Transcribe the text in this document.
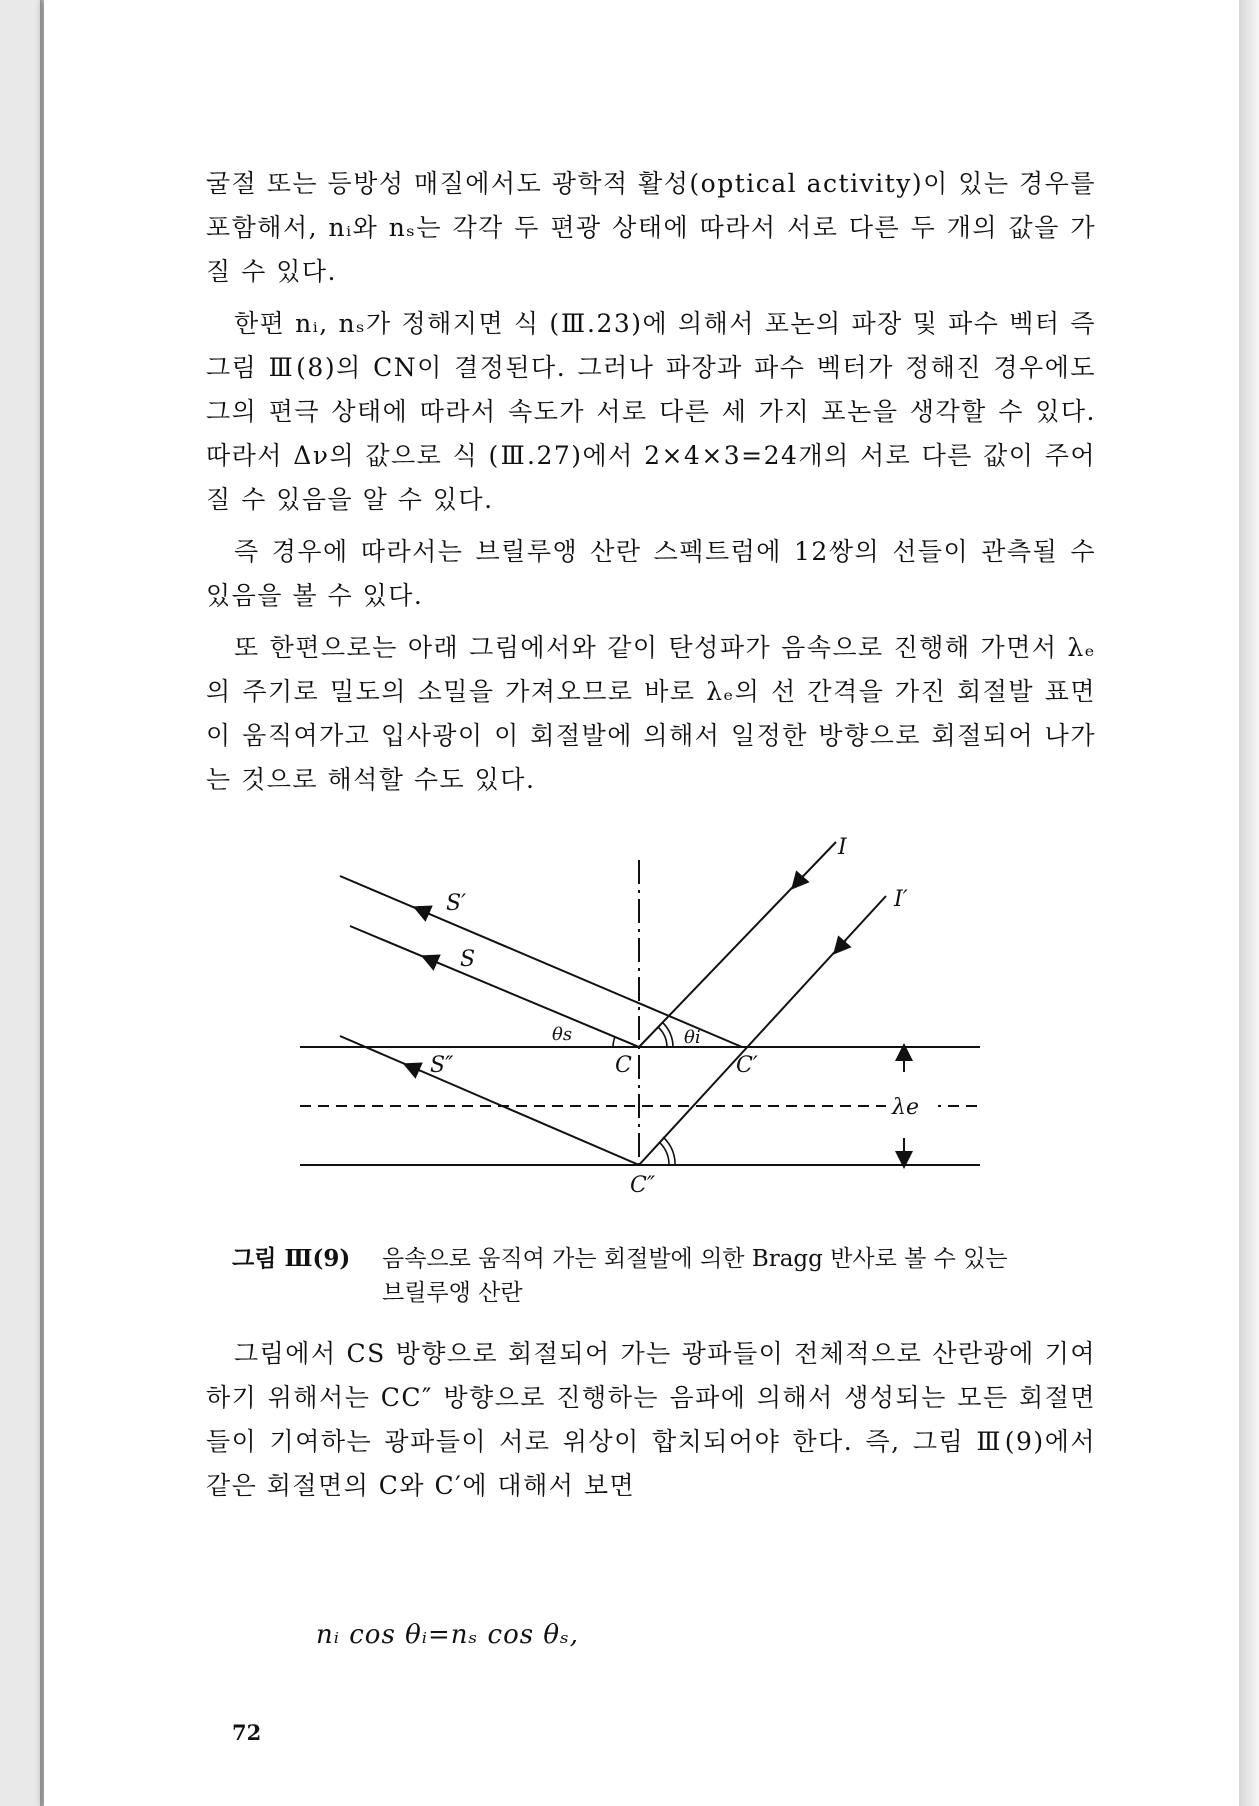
굴절 또는 등방성 매질에서도 광학적 활성(optical activity)이 있는 경우를 포함해서, nᵢ와 nₛ는 각각 두 편광 상태에 따라서 서로 다른 두 개의 값을 가질 수 있다.

한편 nᵢ, nₛ가 정해지면 식 (Ⅲ.23)에 의해서 포논의 파장 및 파수 벡터 즉 그림 Ⅲ(8)의 CN이 결정된다. 그러나 파장과 파수 벡터가 정해진 경우에도 그의 편극 상태에 따라서 속도가 서로 다른 세 가지 포논을 생각할 수 있다. 따라서 Δν의 값으로 식 (Ⅲ.27)에서 2×4×3=24개의 서로 다른 값이 주어질 수 있음을 알 수 있다.

즉 경우에 따라서는 브릴루앵 산란 스펙트럼에 12쌍의 선들이 관측될 수 있음을 볼 수 있다.

또 한편으로는 아래 그림에서와 같이 탄성파가 음속으로 진행해 가면서 λₑ의 주기로 밀도의 소밀을 가져오므로 바로 λₑ의 선 간격을 가진 회절발 표면이 움직여가고 입사광이 이 회절발에 의해서 일정한 방향으로 회절되어 나가는 것으로 해석할 수도 있다.

I
I′
S′
S
S″	C	C′
C″
θs	θi
λe
그림 Ⅲ(9) 음속으로 움직여 가는 회절발에 의한 Bragg 반사로 볼 수 있는
브릴루앵 산란

그림에서 CS 방향으로 회절되어 가는 광파들이 전체적으로 산란광에 기여하기 위해서는 CC″ 방향으로 진행하는 음파에 의해서 생성되는 모든 회절면들이 기여하는 광파들이 서로 위상이 합치되어야 한다. 즉, 그림 Ⅲ(9)에서 같은 회절면의 C와 C′에 대해서 보면

nᵢ cos θᵢ=nₛ cos θₛ,
72
